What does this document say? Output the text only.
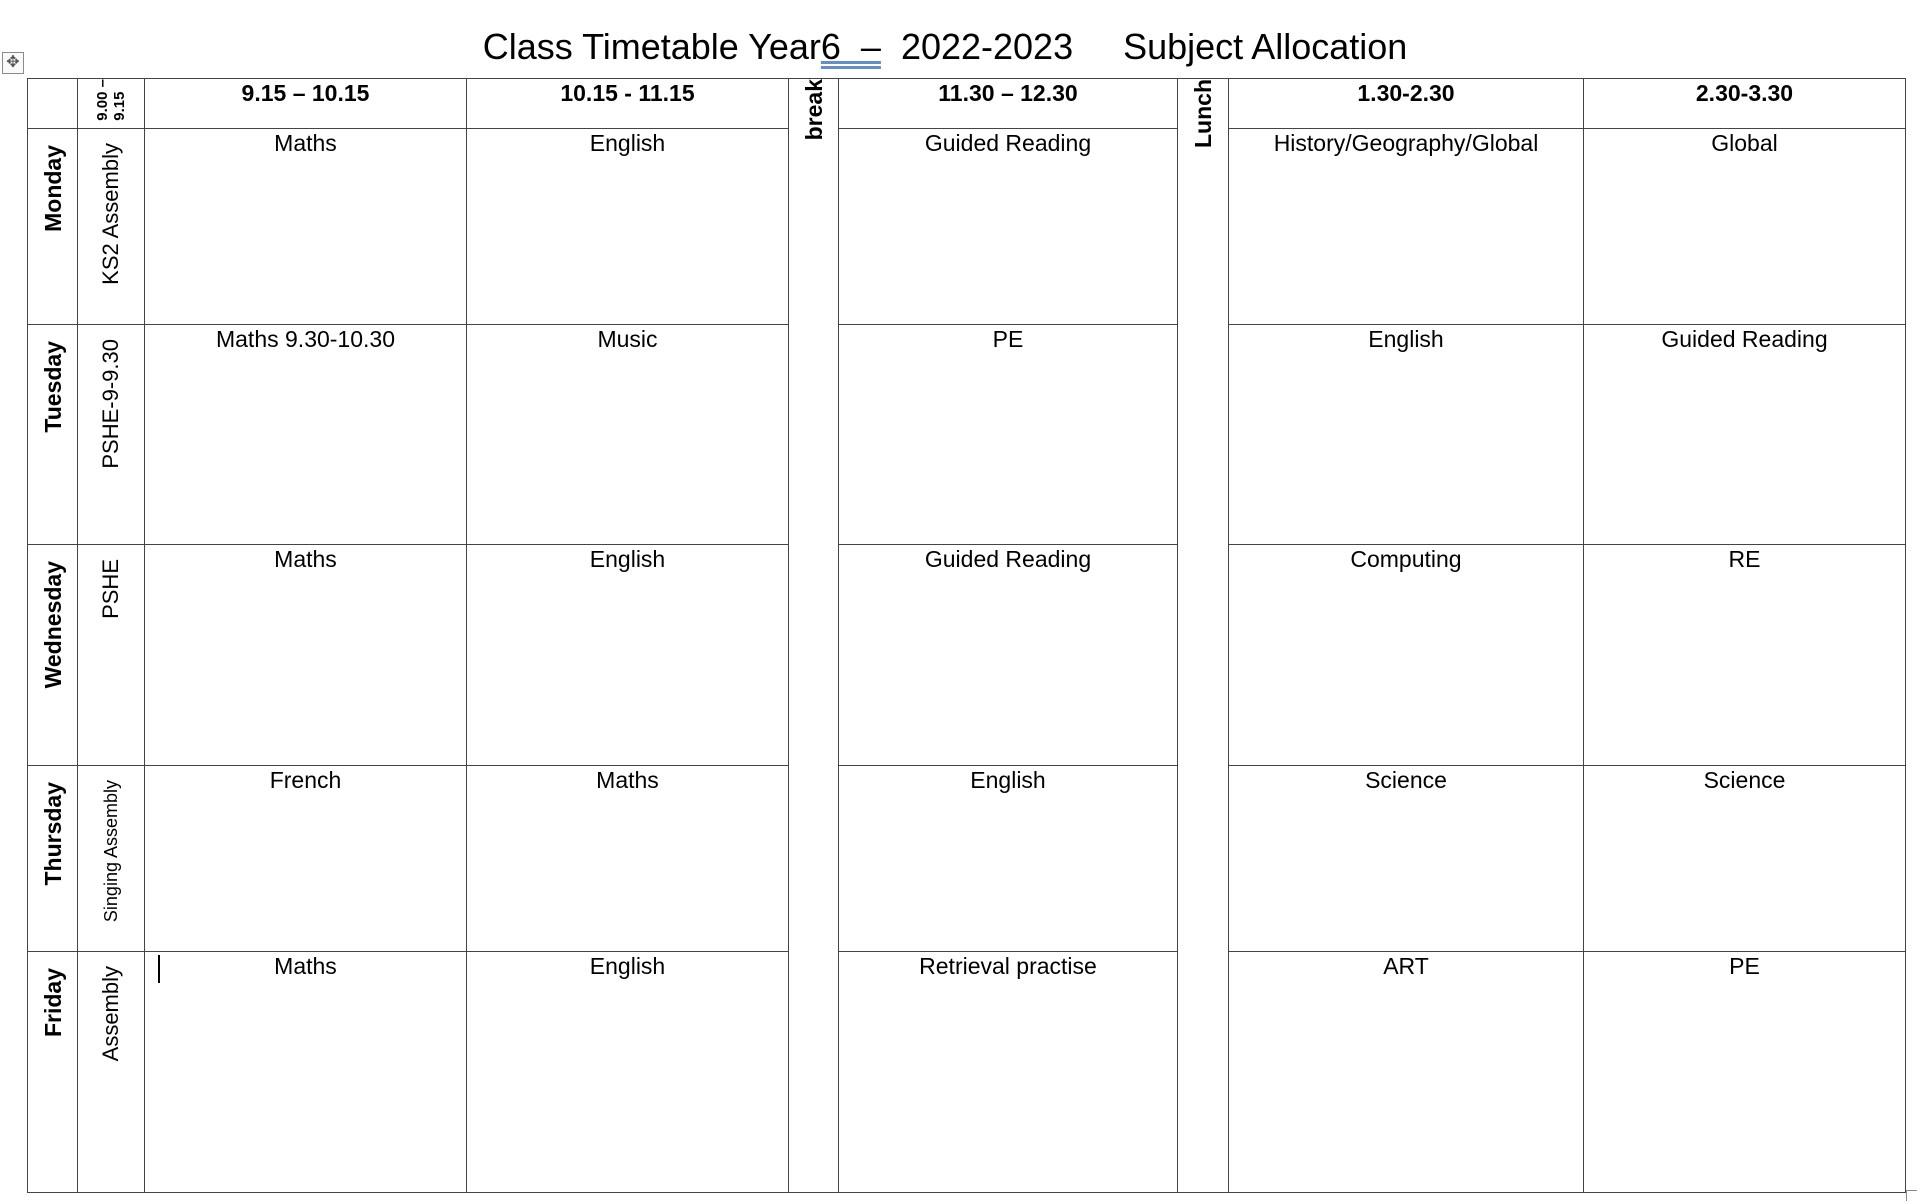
Class Timetable Year6  –  2022-2023     Subject Allocation
✥
	9.00 –
9.15	9.15 – 10.15	10.15 - 11.15	break	11.30 – 12.30	Lunch	1.30-2.30	2.30-3.30
Monday	KS2 Assembly	Maths	English		Guided Reading		History/Geography/Global	Global
Tuesday	PSHE-9-9.30	Maths 9.30-10.30	Music		PE		English	Guided Reading
Wednesday	PSHE	Maths	English		Guided Reading		Computing	RE
Thursday	Singing Assembly	French	Maths		English		Science	Science
Friday	Assembly	Maths	English		Retrieval practise		ART	PE
